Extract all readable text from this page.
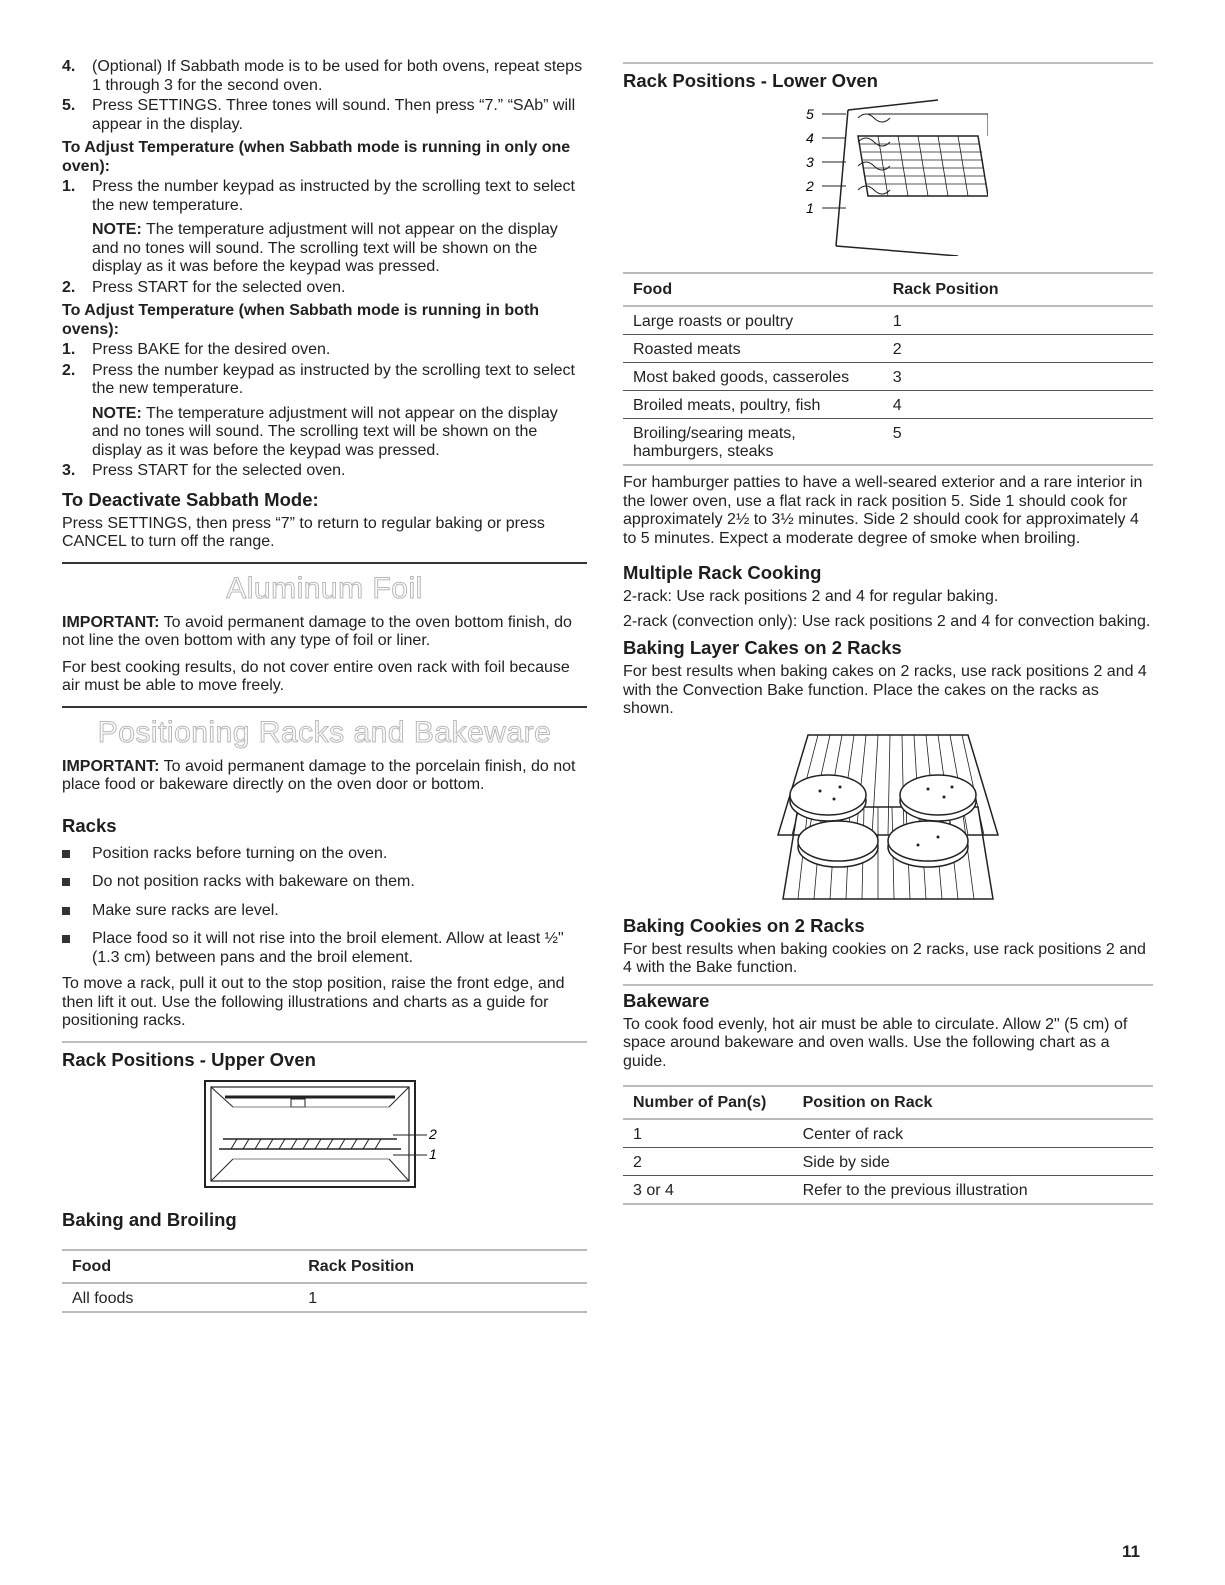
4. (Optional) If Sabbath mode is to be used for both ovens, repeat steps 1 through 3 for the second oven.
5. Press SETTINGS. Three tones will sound. Then press “7.” “SAb” will appear in the display.
To Adjust Temperature (when Sabbath mode is running in only one oven):
1. Press the number keypad as instructed by the scrolling text to select the new temperature.

NOTE: The temperature adjustment will not appear on the display and no tones will sound. The scrolling text will be shown on the display as it was before the keypad was pressed.

2. Press START for the selected oven.
To Adjust Temperature (when Sabbath mode is running in both ovens):
1. Press BAKE for the desired oven.
2. Press the number keypad as instructed by the scrolling text to select the new temperature.

NOTE: The temperature adjustment will not appear on the display and no tones will sound. The scrolling text will be shown on the display as it was before the keypad was pressed.

3. Press START for the selected oven.
To Deactivate Sabbath Mode:

Press SETTINGS, then press “7” to return to regular baking or press CANCEL to turn off the range.

Aluminum Foil

IMPORTANT: To avoid permanent damage to the oven bottom finish, do not line the oven bottom with any type of foil or liner.

For best cooking results, do not cover entire oven rack with foil because air must be able to move freely.

Positioning Racks and Bakeware

IMPORTANT: To avoid permanent damage to the porcelain finish, do not place food or bakeware directly on the oven door or bottom.

Racks
Position racks before turning on the oven.
Do not position racks with bakeware on them.
Make sure racks are level.
Place food so it will not rise into the broil element. Allow at least ½" (1.3 cm) between pans and the broil element.

To move a rack, pull it out to the stop position, raise the front edge, and then lift it out. Use the following illustrations and charts as a guide for positioning racks.

Rack Positions - Upper Oven
2
1
Baking and Broiling
Food	Rack Position
All foods	1
Rack Positions - Lower Oven
5
4
3
2
1
Food	Rack Position
Large roasts or poultry	1
Roasted meats	2
Most baked goods, casseroles	3
Broiled meats, poultry, fish	4
Broiling/searing meats, hamburgers, steaks	5

For hamburger patties to have a well-seared exterior and a rare interior in the lower oven, use a flat rack in rack position 5. Side 1 should cook for approximately 2½ to 3½ minutes. Side 2 should cook for approximately 4 to 5 minutes. Expect a moderate degree of smoke when broiling.

Multiple Rack Cooking

2-rack: Use rack positions 2 and 4 for regular baking.

2-rack (convection only): Use rack positions 2 and 4 for convection baking.

Baking Layer Cakes on 2 Racks

For best results when baking cakes on 2 racks, use rack positions 2 and 4 with the Convection Bake function. Place the cakes on the racks as shown.

Baking Cookies on 2 Racks

For best results when baking cookies on 2 racks, use rack positions 2 and 4 with the Bake function.

Bakeware

To cook food evenly, hot air must be able to circulate. Allow 2" (5 cm) of space around bakeware and oven walls. Use the following chart as a guide.

Number of Pan(s)	Position on Rack
1	Center of rack
2	Side by side
3 or 4	Refer to the previous illustration
11
